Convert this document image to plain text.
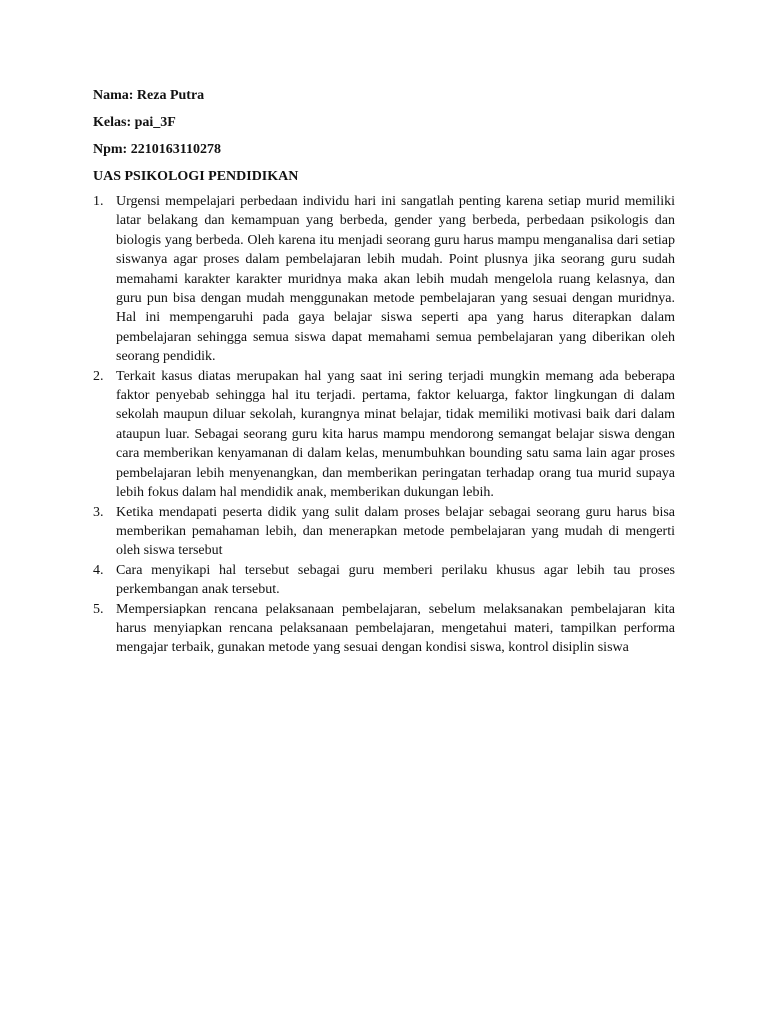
Nama: Reza Putra

Kelas: pai_3F

Npm: 2210163110278

UAS PSIKOLOGI PENDIDIKAN

1. Urgensi mempelajari perbedaan individu hari ini sangatlah penting karena setiap murid memiliki latar belakang dan kemampuan yang berbeda, gender yang berbeda, perbedaan psikologis dan biologis yang berbeda. Oleh karena itu menjadi seorang guru harus mampu menganalisa dari setiap siswanya agar proses dalam pembelajaran lebih mudah. Point plusnya jika seorang guru sudah memahami karakter karakter muridnya maka akan lebih mudah mengelola ruang kelasnya, dan guru pun bisa dengan mudah menggunakan metode pembelajaran yang sesuai dengan muridnya. Hal ini mempengaruhi pada gaya belajar siswa seperti apa yang harus diterapkan dalam pembelajaran sehingga semua siswa dapat memahami semua pembelajaran yang diberikan oleh seorang pendidik.
2. Terkait kasus diatas merupakan hal yang saat ini sering terjadi mungkin memang ada beberapa faktor penyebab sehingga hal itu terjadi. pertama, faktor keluarga, faktor lingkungan di dalam sekolah maupun diluar sekolah, kurangnya minat belajar, tidak memiliki motivasi baik dari dalam ataupun luar. Sebagai seorang guru kita harus mampu mendorong semangat belajar siswa dengan cara memberikan kenyamanan di dalam kelas, menumbuhkan bounding satu sama lain agar proses pembelajaran lebih menyenangkan, dan memberikan peringatan terhadap orang tua murid supaya lebih fokus dalam hal mendidik anak, memberikan dukungan lebih.
3. Ketika mendapati peserta didik yang sulit dalam proses belajar sebagai seorang guru harus bisa memberikan pemahaman lebih, dan menerapkan metode pembelajaran yang mudah di mengerti oleh siswa tersebut
4. Cara menyikapi hal tersebut sebagai guru memberi perilaku khusus agar lebih tau proses perkembangan anak tersebut.
5. Mempersiapkan rencana pelaksanaan pembelajaran, sebelum melaksanakan pembelajaran kita harus menyiapkan rencana pelaksanaan pembelajaran, mengetahui materi, tampilkan performa mengajar terbaik, gunakan metode yang sesuai dengan kondisi siswa, kontrol disiplin siswa
